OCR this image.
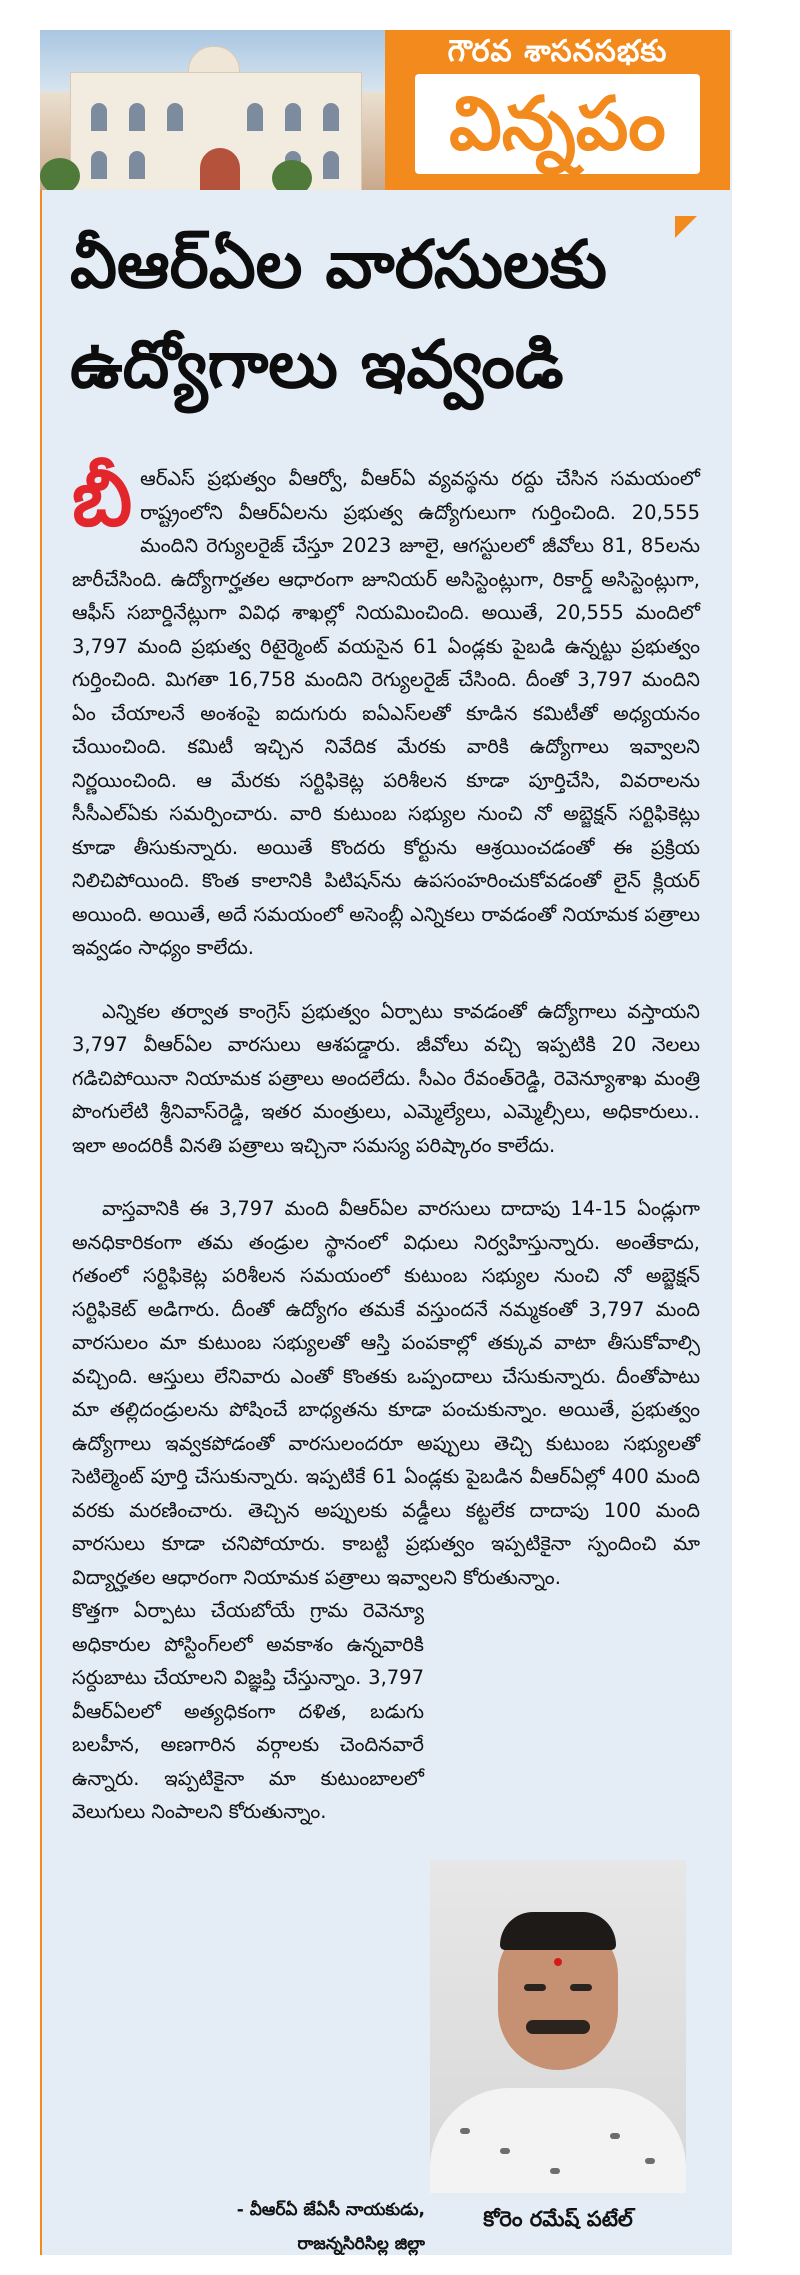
గౌరవ శాసనసభకు
విన్నపం
వీఆర్ఏల వారసులకు
ఉద్యోగాలు ఇవ్వండి

బీఆర్ఎస్ ప్రభుత్వం వీఆర్వో, వీఆర్ఏ వ్యవస్థను రద్దు చేసిన సమయంలో రాష్ట్రంలోని వీఆర్ఏలను ప్రభుత్వ ఉద్యోగులుగా గుర్తించింది. 20,555 మందిని రెగ్యులరైజ్ చేస్తూ 2023 జూలై, ఆగస్టులలో జీవోలు 81, 85లను జారీచేసింది. ఉద్యోగార్హతల ఆధారంగా జూనియర్ అసిస్టెంట్లుగా, రికార్డ్ అసిస్టెంట్లుగా, ఆఫీస్ సబార్డినేట్లుగా వివిధ శాఖల్లో నియమించింది. అయితే, 20,555 మందిలో 3,797 మంది ప్రభుత్వ రిటైర్మెంట్ వయసైన 61 ఏండ్లకు పైబడి ఉన్నట్టు ప్రభుత్వం గుర్తించింది. మిగతా 16,758 మందిని రెగ్యులరైజ్ చేసింది. దీంతో 3,797 మందిని ఏం చేయాలనే అంశంపై ఐదుగురు ఐఏఎస్‌లతో కూడిన కమిటీతో అధ్యయనం చేయించింది. కమిటీ ఇచ్చిన నివేదిక మేరకు వారికి ఉద్యోగాలు ఇవ్వాలని నిర్ణయించింది. ఆ మేరకు సర్టిఫికెట్ల పరిశీలన కూడా పూర్తిచేసి, వివరాలను సీసీఎల్ఏకు సమర్పించారు. వారి కుటుంబ సభ్యుల నుంచి నో అబ్జెక్షన్ సర్టిఫికెట్లు కూడా తీసుకున్నారు. అయితే కొందరు కోర్టును ఆశ్రయించడంతో ఈ ప్రక్రియ నిలిచిపోయింది. కొంత కాలానికి పిటిషన్‌ను ఉపసంహరించుకోవడంతో లైన్ క్లియర్ అయింది. అయితే, అదే సమయంలో అసెంబ్లీ ఎన్నికలు రావడంతో నియామక పత్రాలు ఇవ్వడం సాధ్యం కాలేదు.

ఎన్నికల తర్వాత కాంగ్రెస్ ప్రభుత్వం ఏర్పాటు కావడంతో ఉద్యోగాలు వస్తాయని 3,797 వీఆర్ఏల వారసులు ఆశపడ్డారు. జీవోలు వచ్చి ఇప్పటికి 20 నెలలు గడిచిపోయినా నియామక పత్రాలు అందలేదు. సీఎం రేవంత్‌రెడ్డి, రెవెన్యూశాఖ మంత్రి పొంగులేటి శ్రీనివాస్‌రెడ్డి, ఇతర మంత్రులు, ఎమ్మెల్యేలు, ఎమ్మెల్సీలు, అధికారులు.. ఇలా అందరికీ వినతి పత్రాలు ఇచ్చినా సమస్య పరిష్కారం కాలేదు.

వాస్తవానికి ఈ 3,797 మంది వీఆర్ఏల వారసులు దాదాపు 14-15 ఏండ్లుగా అనధికారికంగా తమ తండ్రుల స్థానంలో విధులు నిర్వహిస్తున్నారు. అంతేకాదు, గతంలో సర్టిఫికెట్ల పరిశీలన సమయంలో కుటుంబ సభ్యుల నుంచి నో అబ్జెక్షన్ సర్టిఫికెట్ అడిగారు. దీంతో ఉద్యోగం తమకే వస్తుందనే నమ్మకంతో 3,797 మంది వారసులం మా కుటుంబ సభ్యులతో ఆస్తి పంపకాల్లో తక్కువ వాటా తీసుకోవాల్సి వచ్చింది. ఆస్తులు లేనివారు ఎంతో కొంతకు ఒప్పందాలు చేసుకున్నారు. దీంతోపాటు మా తల్లిదండ్రులను పోషించే బాధ్యతను కూడా పంచుకున్నాం. అయితే, ప్రభుత్వం ఉద్యోగాలు ఇవ్వకపోడంతో వారసులందరూ అప్పులు తెచ్చి కుటుంబ సభ్యులతో సెటిల్మెంట్ పూర్తి చేసుకున్నారు. ఇప్పటికే 61 ఏండ్లకు పైబడిన వీఆర్ఏల్లో 400 మంది వరకు మరణించారు. తెచ్చిన అప్పులకు వడ్డీలు కట్టలేక దాదాపు 100 మంది వారసులు కూడా చనిపోయారు. కాబట్టి ప్రభుత్వం ఇప్పటికైనా స్పందించి మా విద్యార్హతల ఆధారంగా నియామక పత్రాలు ఇవ్వాలని కోరుతున్నాం.

కొత్తగా ఏర్పాటు చేయబోయే గ్రామ రెవెన్యూ అధికారుల పోస్టింగ్‌లలో అవకాశం ఉన్నవారికి సర్దుబాటు చేయాలని విజ్ఞప్తి చేస్తున్నాం. 3,797 వీఆర్ఏలలో అత్యధికంగా దళిత, బడుగు బలహీన, అణగారిన వర్గాలకు చెందినవారే ఉన్నారు. ఇప్పటికైనా మా కుటుంబాలలో వెలుగులు నింపాలని కోరుతున్నాం.

- వీఆర్ఏ జేఏసీ నాయకుడు,
రాజన్నసిరిసిల్ల జిల్లా
కోరెం రమేష్ పటేల్
